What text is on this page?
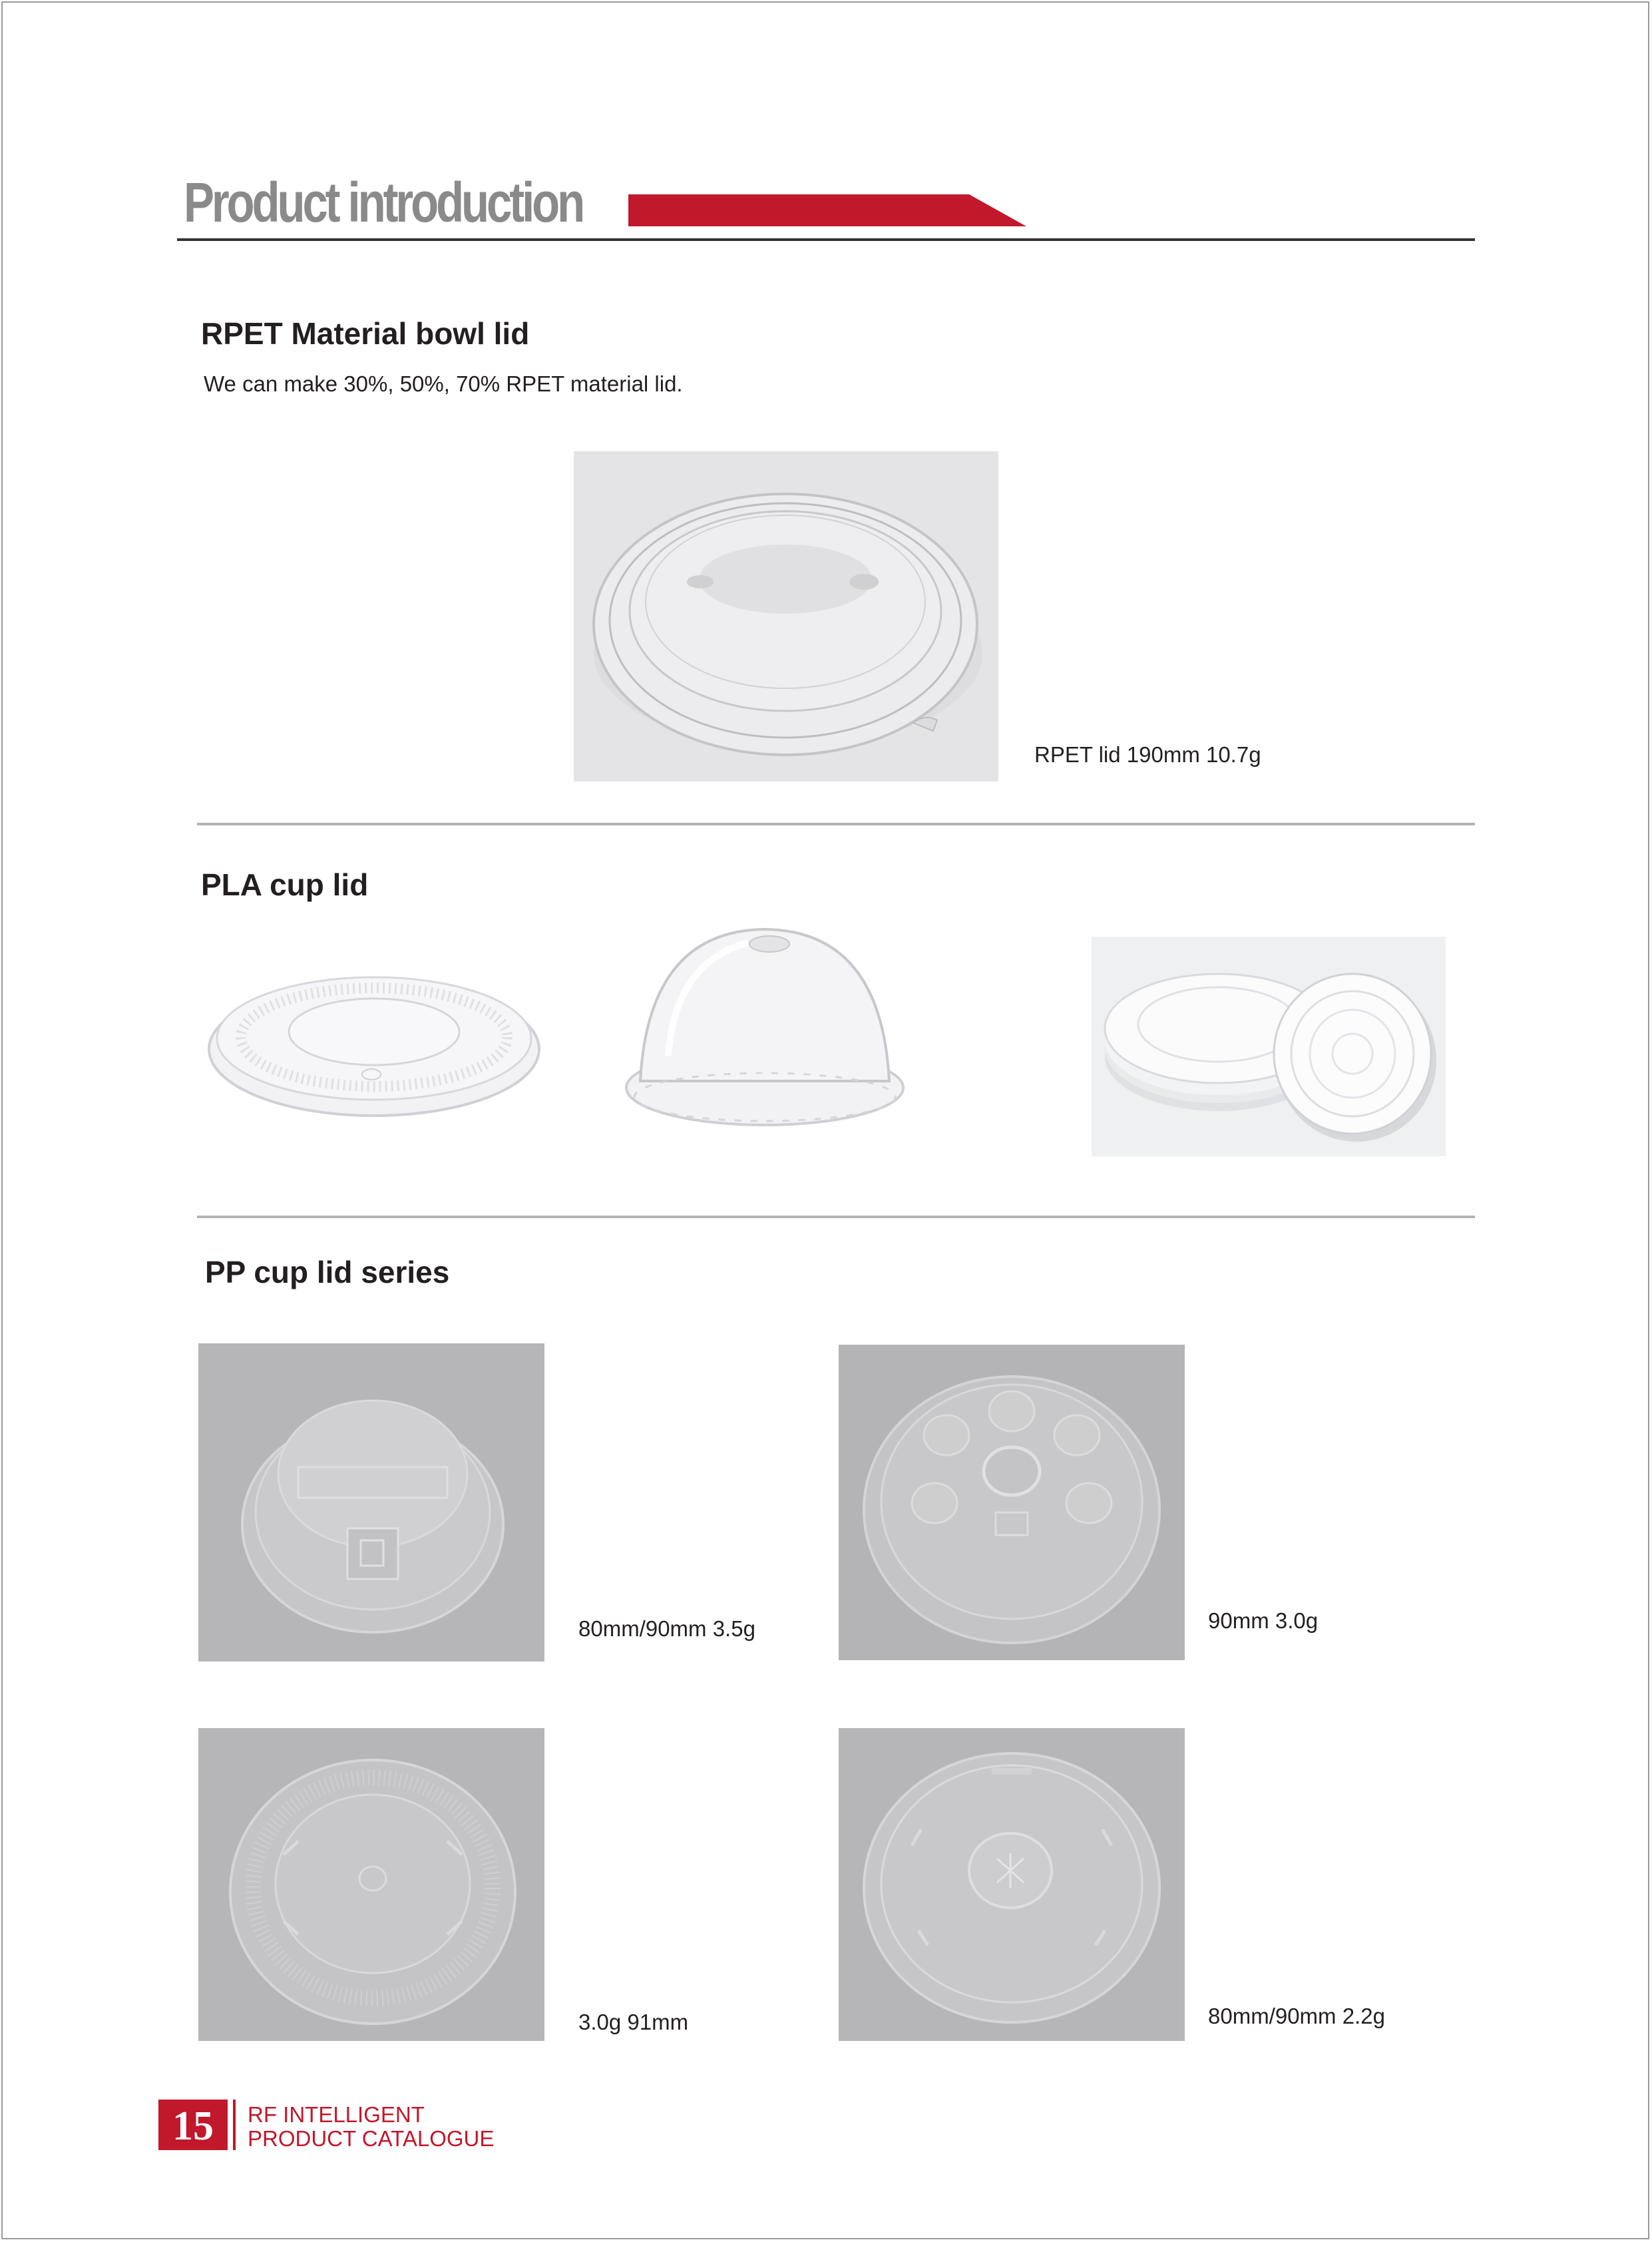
Product introduction
RPET Material bowl lid
We can make 30%, 50%, 70% RPET material lid.
RPET lid 190mm 10.7g
PLA cup lid
PP cup lid series
80mm/90mm 3.5g	90mm 3.0g
3.0g 91mm	80mm/90mm 2.2g
15	RF INTELLIGENT
PRODUCT CATALOGUE
